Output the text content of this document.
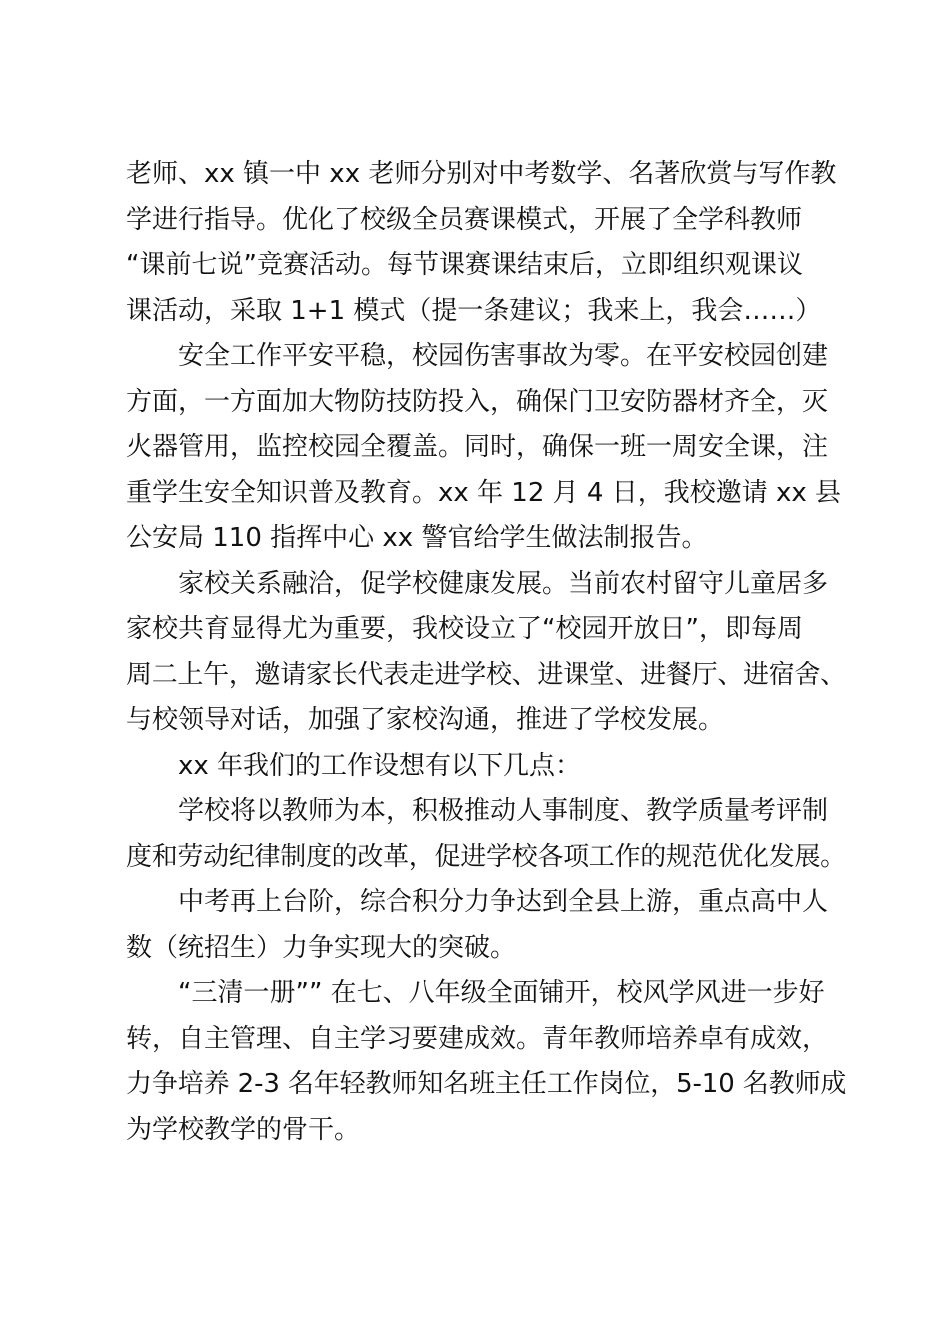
老师、xx 镇一中 xx 老师分别对中考数学、名著欣赏与写作教
学进行指导。优化了校级全员赛课模式，开展了全学科教师
“课前七说”竞赛活动。每节课赛课结束后，立即组织观课议
课活动，采取 1+1 模式（提一条建议；我来上，我会……）
安全工作平安平稳，校园伤害事故为零。在平安校园创建
方面，一方面加大物防技防投入，确保门卫安防器材齐全，灭
火器管用，监控校园全覆盖。同时，确保一班一周安全课，注
重学生安全知识普及教育。xx 年 12 月 4 日，我校邀请 xx 县
公安局 110 指挥中心 xx 警官给学生做法制报告。
家校关系融洽，促学校健康发展。当前农村留守儿童居多
家校共育显得尤为重要，我校设立了“校园开放日”，即每周
周二上午，邀请家长代表走进学校、进课堂、进餐厅、进宿舍、
与校领导对话，加强了家校沟通，推进了学校发展。
xx 年我们的工作设想有以下几点：
学校将以教师为本，积极推动人事制度、教学质量考评制
度和劳动纪律制度的改革，促进学校各项工作的规范优化发展。
中考再上台阶，综合积分力争达到全县上游，重点高中人
数（统招生）力争实现大的突破。
“三清一册”” 在七、八年级全面铺开，校风学风进一步好
转，自主管理、自主学习要建成效。青年教师培养卓有成效，
力争培养 2-3 名年轻教师知名班主任工作岗位，5-10 名教师成
为学校教学的骨干。
